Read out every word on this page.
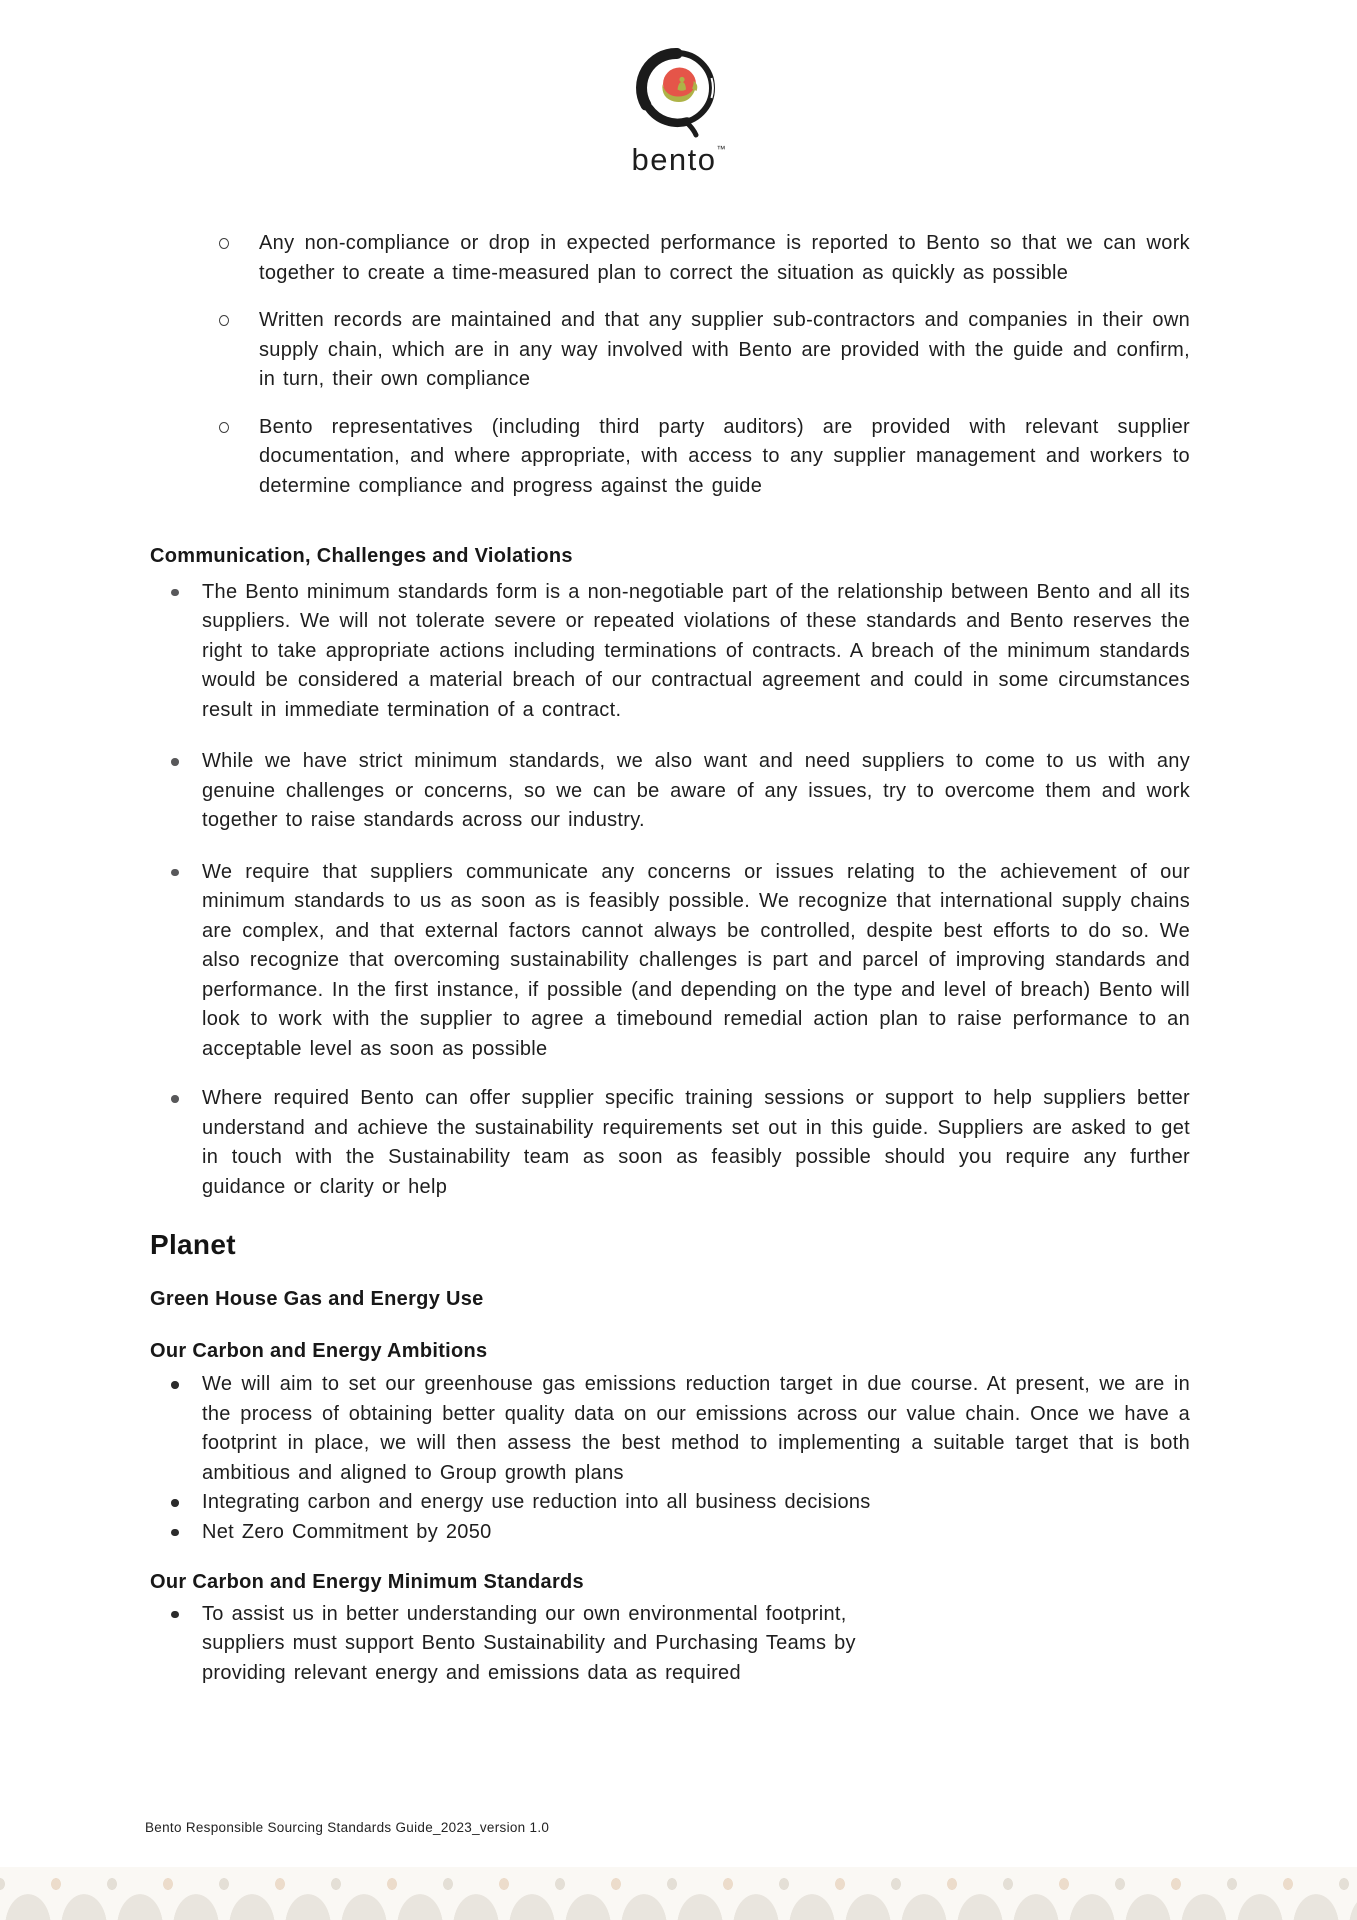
bento™

Any non-compliance or drop in expected performance is reported to Bento so that we can work together to create a time-measured plan to correct the situation as quickly as possible

Written records are maintained and that any supplier sub-contractors and companies in their own supply chain, which are in any way involved with Bento are provided with the guide and confirm, in turn, their own compliance

Bento representatives (including third party auditors) are provided with relevant supplier documentation, and where appropriate, with access to any supplier management and workers to determine compliance and progress against the guide

Communication, Challenges and Violations

The Bento minimum standards form is a non-negotiable part of the relationship between Bento and all its suppliers. We will not tolerate severe or repeated violations of these standards and Bento reserves the right to take appropriate actions including terminations of contracts. A breach of the minimum standards would be considered a material breach of our contractual agreement and could in some circumstances result in immediate termination of a contract.

While we have strict minimum standards, we also want and need suppliers to come to us with any genuine challenges or concerns, so we can be aware of any issues, try to overcome them and work together to raise standards across our industry.

We require that suppliers communicate any concerns or issues relating to the achievement of our minimum standards to us as soon as is feasibly possible. We recognize that international supply chains are complex, and that external factors cannot always be controlled, despite best efforts to do so. We also recognize that overcoming sustainability challenges is part and parcel of improving standards and performance. In the first instance, if possible (and depending on the type and level of breach) Bento will look to work with the supplier to agree a timebound remedial action plan to raise performance to an acceptable level as soon as possible

Where required Bento can offer supplier specific training sessions or support to help suppliers better understand and achieve the sustainability requirements set out in this guide. Suppliers are asked to get in touch with the Sustainability team as soon as feasibly possible should you require any further guidance or clarity or help

Planet
Green House Gas and Energy Use
Our Carbon and Energy Ambitions

We will aim to set our greenhouse gas emissions reduction target in due course. At present, we are in the process of obtaining better quality data on our emissions across our value chain. Once we have a footprint in place, we will then assess the best method to implementing a suitable target that is both ambitious and aligned to Group growth plans

Integrating carbon and energy use reduction into all business decisions

Net Zero Commitment by 2050

Our Carbon and Energy Minimum Standards

To assist us in better understanding our own environmental footprint, suppliers must support Bento Sustainability and Purchasing Teams by providing relevant energy and emissions data as required

Bento Responsible Sourcing Standards Guide_2023_version 1.0
